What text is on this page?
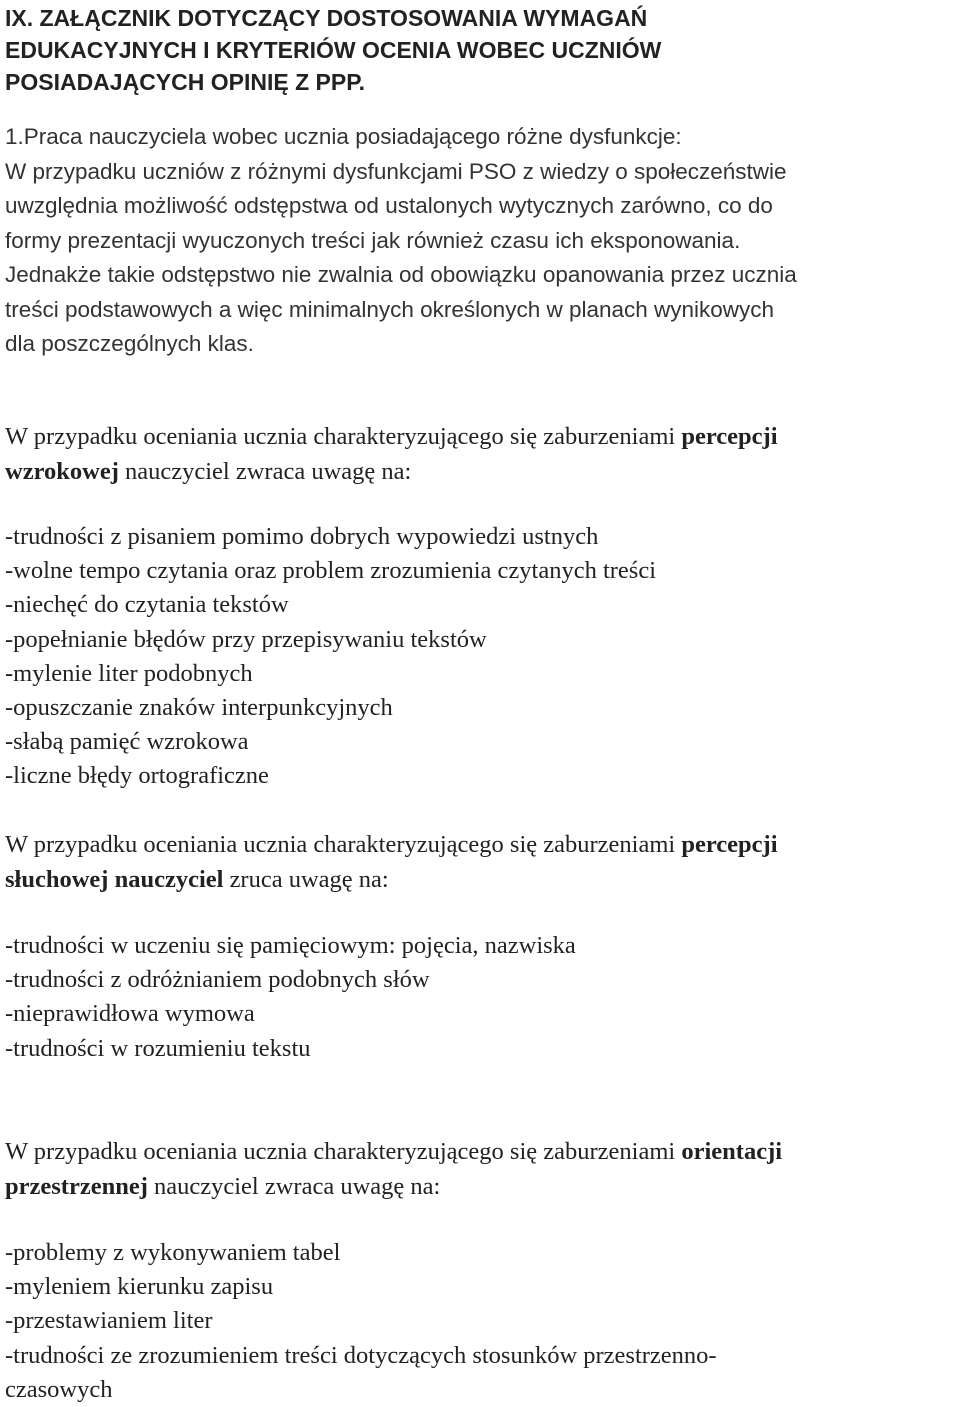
IX. ZAŁĄCZNIK DOTYCZĄCY DOSTOSOWANIA WYMAGAŃ
EDUKACYJNYCH I KRYTERIÓW OCENIA WOBEC UCZNIÓW
POSIADAJĄCYCH OPINIĘ Z PPP.
1.Praca nauczyciela wobec ucznia posiadającego różne dysfunkcje:
W przypadku uczniów z różnymi dysfunkcjami PSO z wiedzy o społeczeństwie
uwzględnia możliwość odstępstwa od ustalonych wytycznych zarówno, co do
formy prezentacji wyuczonych treści jak również czasu ich eksponowania.
Jednakże takie odstępstwo nie zwalnia od obowiązku opanowania przez ucznia
treści podstawowych a więc minimalnych określonych w planach wynikowych
dla poszczególnych klas.
W przypadku oceniania ucznia charakteryzującego się zaburzeniami percepcji
wzrokowej nauczyciel zwraca uwagę na:
-trudności z pisaniem pomimo dobrych wypowiedzi ustnych
-wolne tempo czytania oraz problem zrozumienia czytanych treści
-niechęć do czytania tekstów
-popełnianie błędów przy przepisywaniu tekstów
-mylenie liter podobnych
-opuszczanie znaków interpunkcyjnych
-słabą pamięć wzrokowa
-liczne błędy ortograficzne
W przypadku oceniania ucznia charakteryzującego się zaburzeniami percepcji
słuchowej nauczyciel zruca uwagę na:
-trudności w uczeniu się pamięciowym: pojęcia, nazwiska
-trudności z odróżnianiem podobnych słów
-nieprawidłowa wymowa
-trudności w rozumieniu tekstu
W przypadku oceniania ucznia charakteryzującego się zaburzeniami orientacji
przestrzennej nauczyciel zwraca uwagę na:
-problemy z wykonywaniem tabel
-myleniem kierunku zapisu
-przestawianiem liter
-trudności ze zrozumieniem treści dotyczących stosunków przestrzenno-
czasowych
